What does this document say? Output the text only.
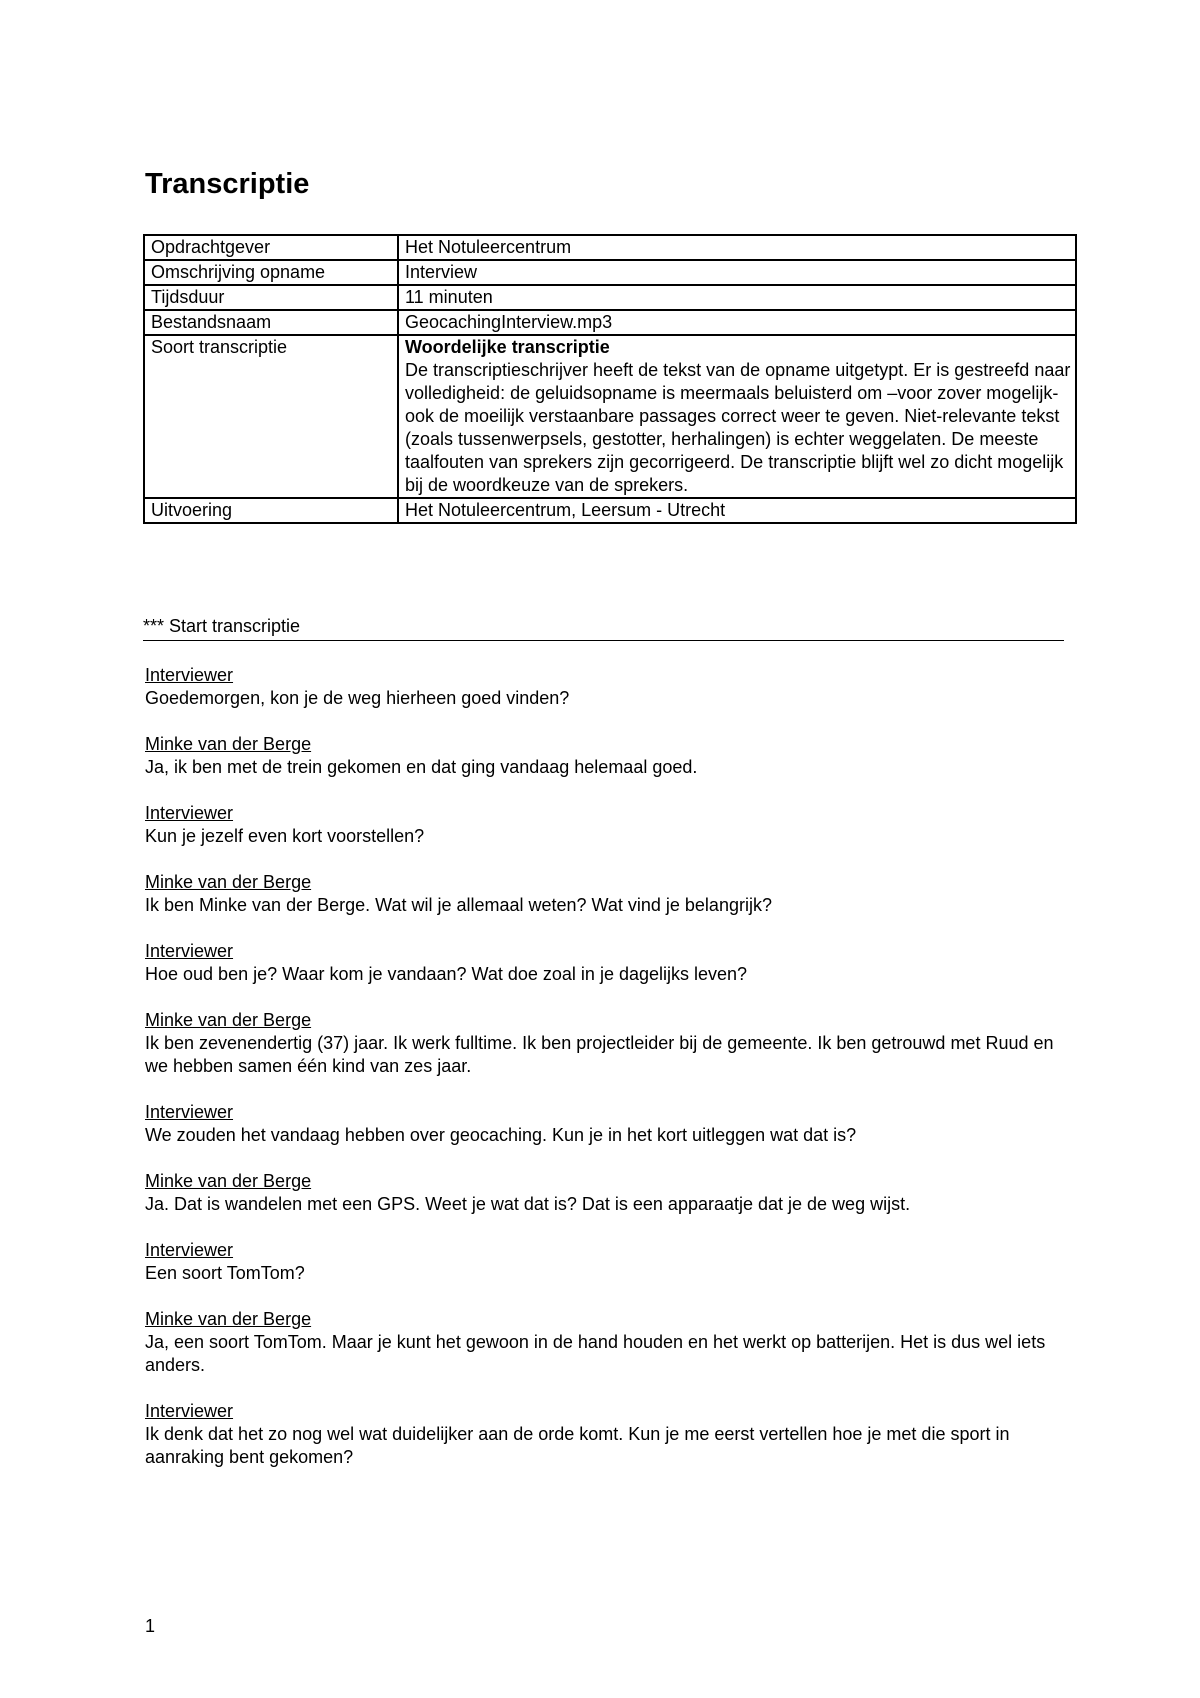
Transcriptie
Opdrachtgever	Het Notuleercentrum
Omschrijving opname	Interview
Tijdsduur	11 minuten
Bestandsnaam	GeocachingInterview.mp3
Soort transcriptie	Woordelijke transcriptie
De transcriptieschrijver heeft de tekst van de opname uitgetypt. Er is gestreefd naar volledigheid: de geluidsopname is meermaals beluisterd om –voor zover mogelijk- ook de moeilijk verstaanbare passages correct weer te geven. Niet-relevante tekst (zoals tussenwerpsels, gestotter, herhalingen) is echter weggelaten. De meeste taalfouten van sprekers zijn gecorrigeerd. De transcriptie blijft wel zo dicht mogelijk bij de woordkeuze van de sprekers.
Uitvoering	Het Notuleercentrum, Leersum - Utrecht
*** Start transcriptie
Interviewer
Goedemorgen, kon je de weg hierheen goed vinden?
Minke van der Berge
Ja, ik ben met de trein gekomen en dat ging vandaag helemaal goed.
Interviewer
Kun je jezelf even kort voorstellen?
Minke van der Berge
Ik ben Minke van der Berge. Wat wil je allemaal weten? Wat vind je belangrijk?
Interviewer
Hoe oud ben je? Waar kom je vandaan? Wat doe zoal in je dagelijks leven?
Minke van der Berge
Ik ben zevenendertig (37) jaar. Ik werk fulltime. Ik ben projectleider bij de gemeente. Ik ben getrouwd met Ruud en we hebben samen één kind van zes jaar.
Interviewer
We zouden het vandaag hebben over geocaching. Kun je in het kort uitleggen wat dat is?
Minke van der Berge
Ja. Dat is wandelen met een GPS. Weet je wat dat is? Dat is een apparaatje dat je de weg wijst.
Interviewer
Een soort TomTom?
Minke van der Berge
Ja, een soort TomTom. Maar je kunt het gewoon in de hand houden en het werkt op batterijen. Het is dus wel iets anders.
Interviewer
Ik denk dat het zo nog wel wat duidelijker aan de orde komt. Kun je me eerst vertellen hoe je met die sport in aanraking bent gekomen?
1
